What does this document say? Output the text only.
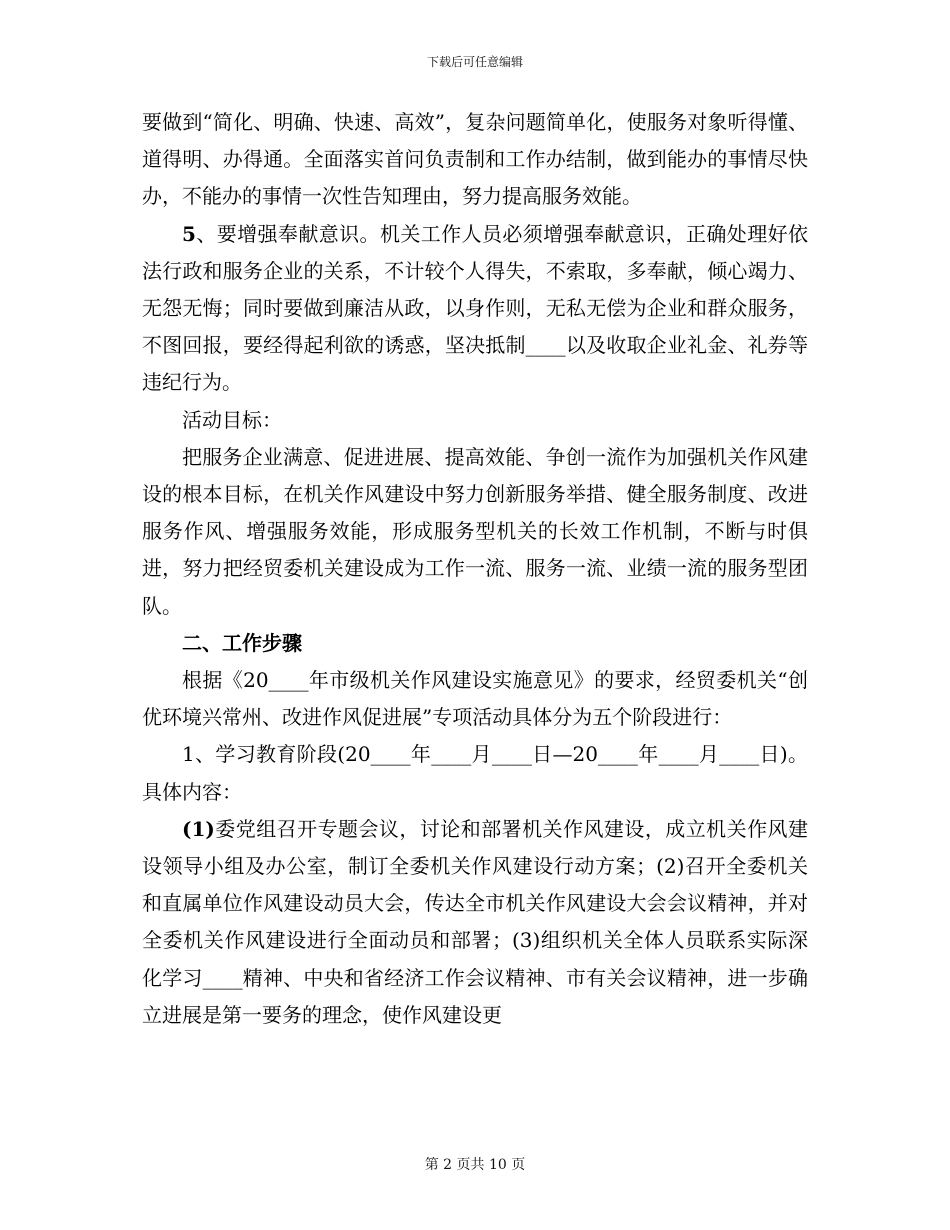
下载后可任意编辑

要做到“简化、明确、快速、高效”，复杂问题简单化，使服务对象听得懂、道得明、办得通。全面落实首问负责制和工作办结制，做到能办的事情尽快办，不能办的事情一次性告知理由，努力提高服务效能。

5、要增强奉献意识。机关工作人员必须增强奉献意识，正确处理好依法行政和服务企业的关系，不计较个人得失，不索取，多奉献，倾心竭力、无怨无悔；同时要做到廉洁从政，以身作则，无私无偿为企业和群众服务，不图回报，要经得起利欲的诱惑，坚决抵制____以及收取企业礼金、礼券等违纪行为。

活动目标：

把服务企业满意、促进进展、提高效能、争创一流作为加强机关作风建设的根本目标，在机关作风建设中努力创新服务举措、健全服务制度、改进服务作风、增强服务效能，形成服务型机关的长效工作机制，不断与时俱进，努力把经贸委机关建设成为工作一流、服务一流、业绩一流的服务型团队。

二、工作步骤

根据《20____年市级机关作风建设实施意见》的要求，经贸委机关“创优环境兴常州、改进作风促进展”专项活动具体分为五个阶段进行：

1、学习教育阶段(20____年____月____日—20____年____月____日)。具体内容：

(1)委党组召开专题会议，讨论和部署机关作风建设，成立机关作风建设领导小组及办公室，制订全委机关作风建设行动方案；(2)召开全委机关和直属单位作风建设动员大会，传达全市机关作风建设大会会议精神，并对全委机关作风建设进行全面动员和部署；(3)组织机关全体人员联系实际深化学习____精神、中央和省经济工作会议精神、市有关会议精神，进一步确立进展是第一要务的理念，使作风建设更

第 2 页共 10 页
